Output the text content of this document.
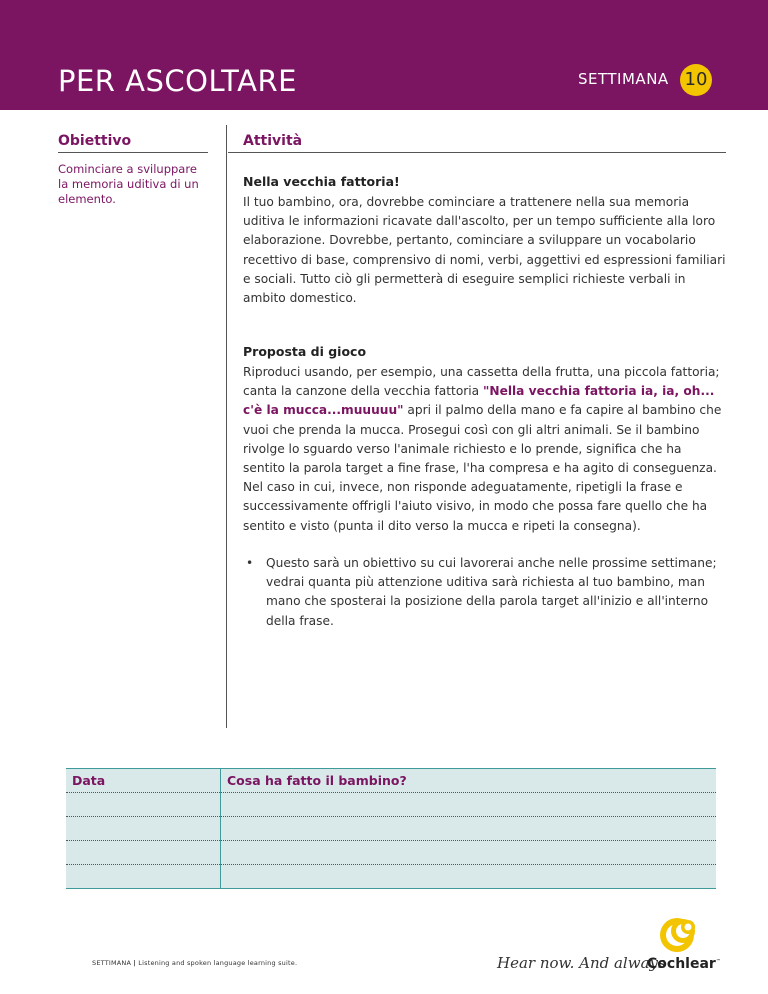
PER ASCOLTARE	SETTIMANA 10
Obiettivo	Attività
Cominciare a sviluppare la memoria uditiva di un elemento.
Nella vecchia fattoria!
Il tuo bambino, ora, dovrebbe cominciare a trattenere nella sua memoria uditiva le informazioni ricavate dall'ascolto, per un tempo sufficiente alla loro elaborazione. Dovrebbe, pertanto, cominciare a sviluppare un vocabolario recettivo di base, comprensivo di nomi, verbi, aggettivi ed espressioni familiari e sociali. Tutto ciò gli permetterà di eseguire semplici richieste verbali in ambito domestico.
Proposta di gioco
Riproduci usando, per esempio, una cassetta della frutta, una piccola fattoria; canta la canzone della vecchia fattoria "Nella vecchia fattoria ia, ia, oh... c'è la mucca...muuuuu" apri il palmo della mano e fa capire al bambino che vuoi che prenda la mucca. Prosegui così con gli altri animali. Se il bambino rivolge lo sguardo verso l'animale richiesto e lo prende, significa che ha sentito la parola target a fine frase, l'ha compresa e ha agito di conseguenza. Nel caso in cui, invece, non risponde adeguatamente, ripetigli la frase e successivamente offrigli l'aiuto visivo, in modo che possa fare quello che ha sentito e visto (punta il dito verso la mucca e ripeti la consegna).
• Questo sarà un obiettivo su cui lavorerai anche nelle prossime settimane; vedrai quanta più attenzione uditiva sarà richiesta al tuo bambino, man mano che sposterai la posizione della parola target all'inizio e all'interno della frase.
Data	Cosa ha fatto il bambino?

SETTIMANA | Listening and spoken language learning suite.	Hear now. And always
Cochlear™
